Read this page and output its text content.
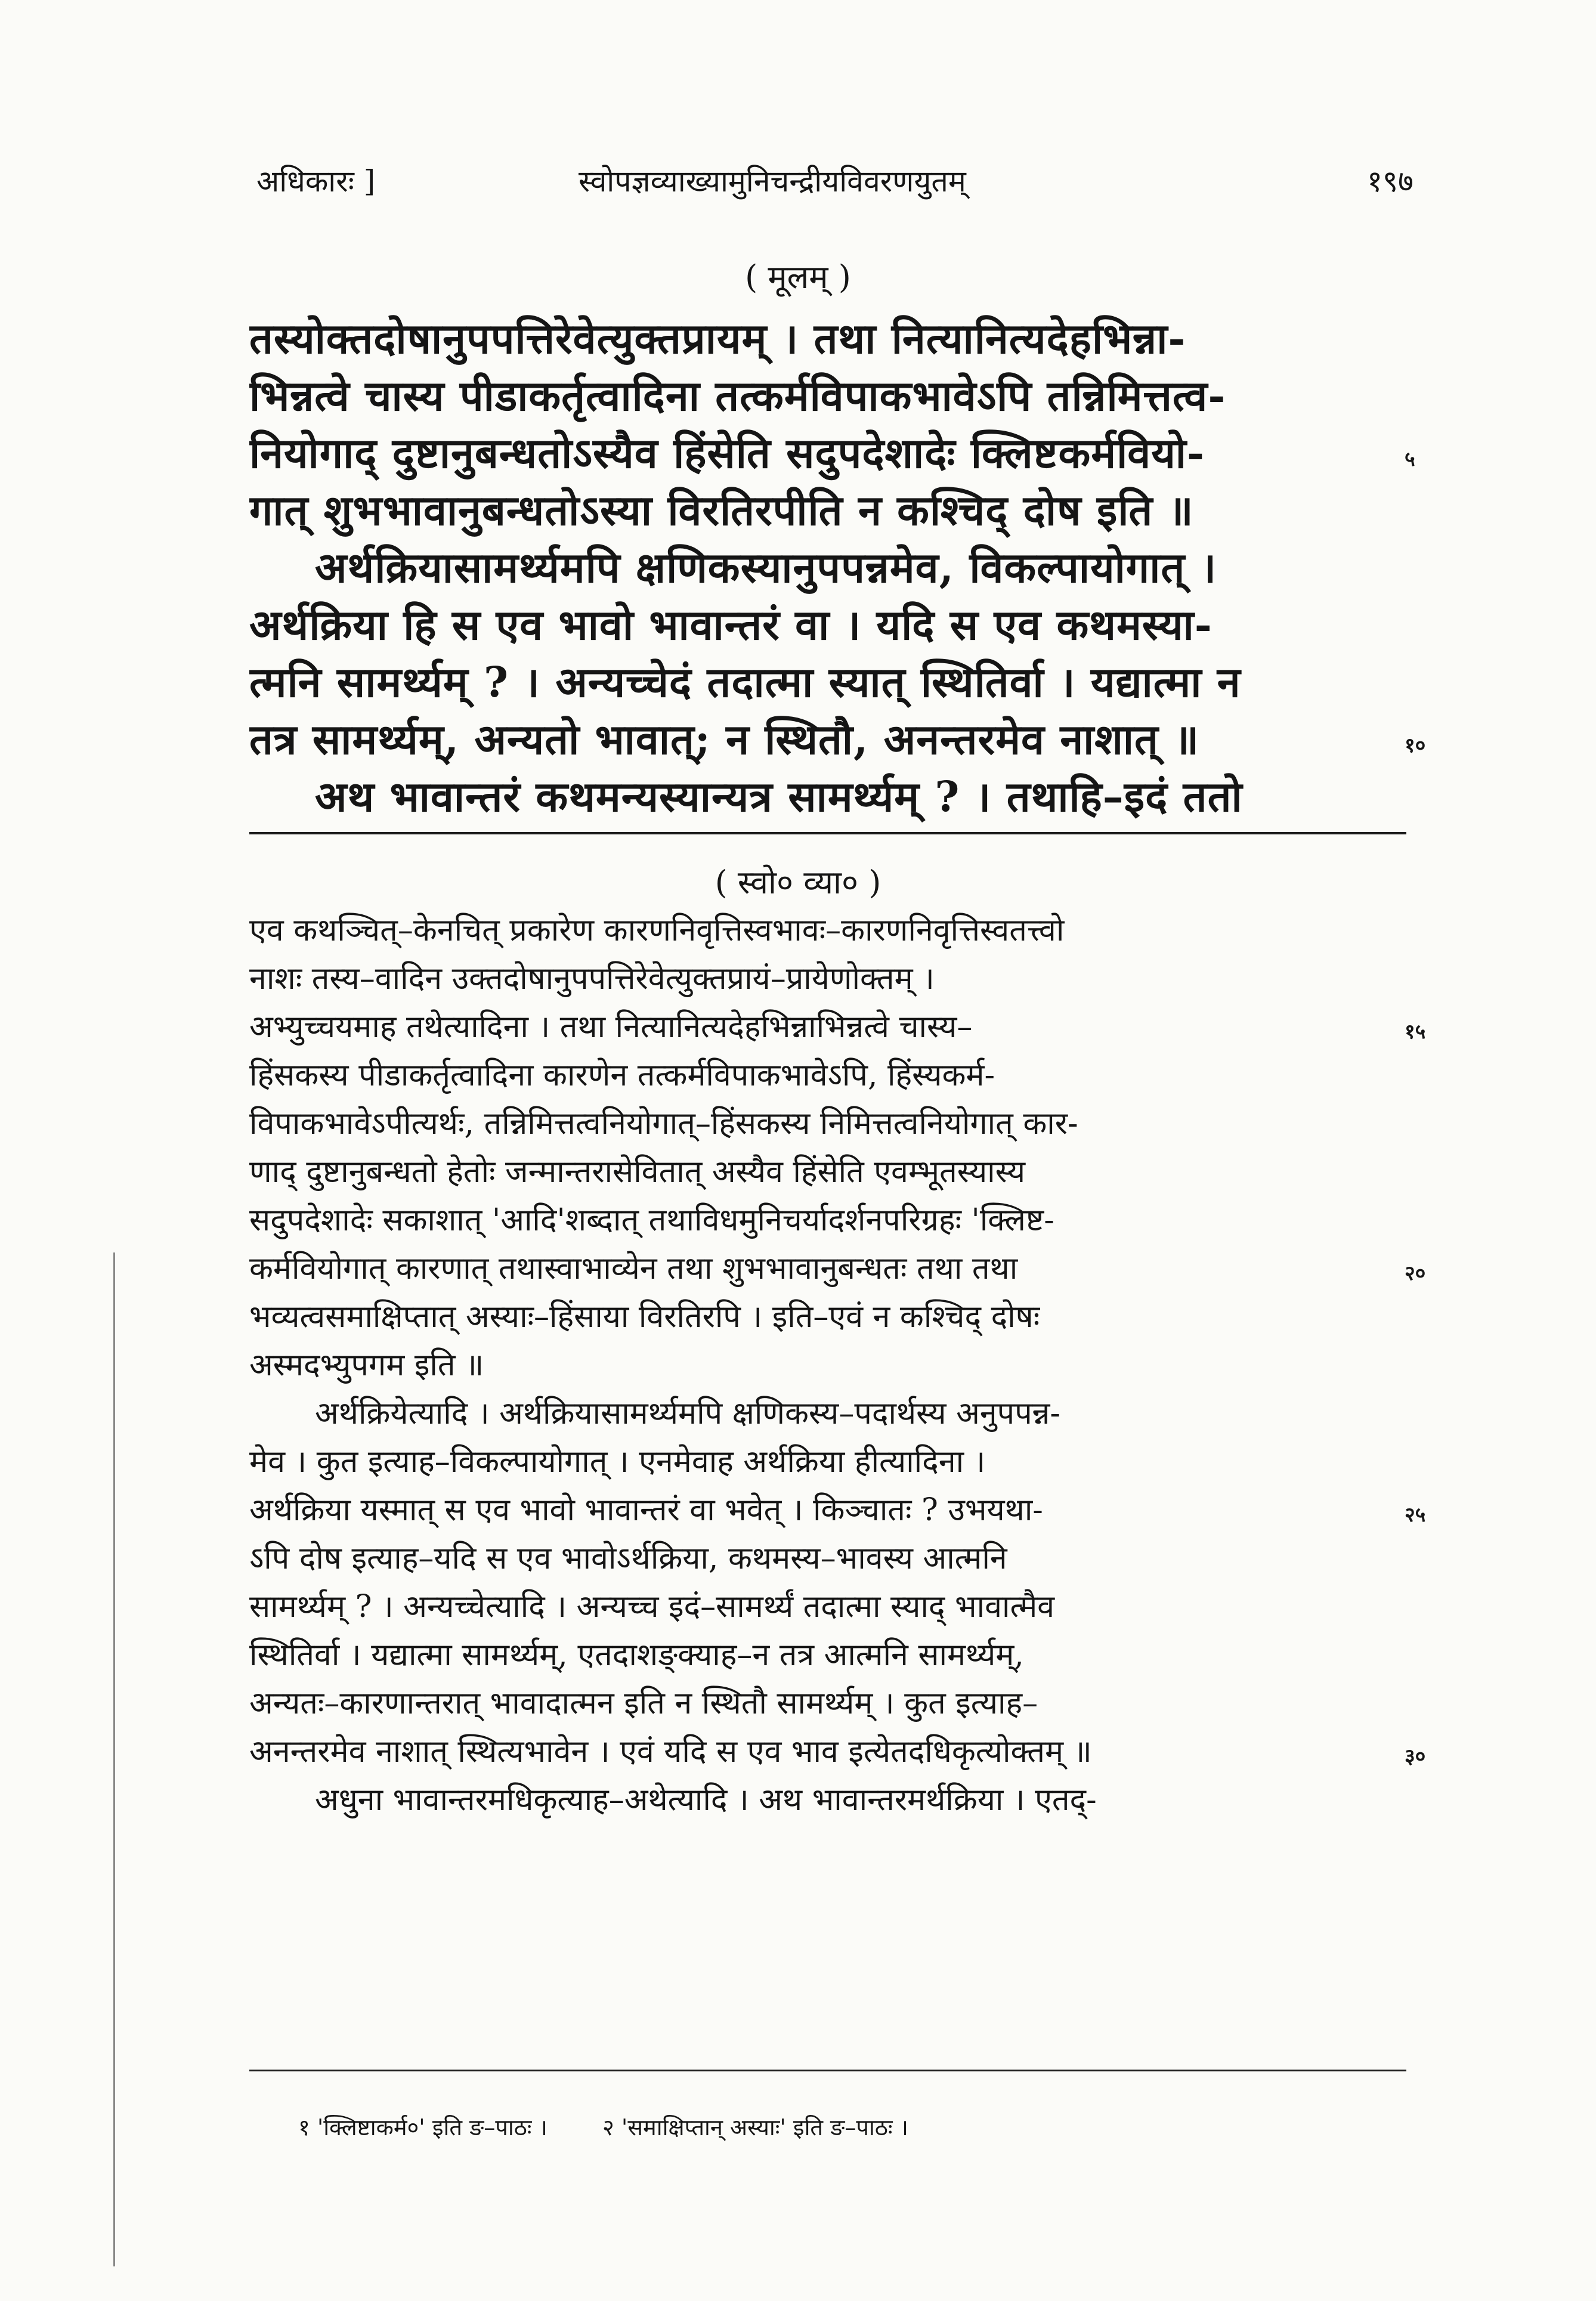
अधिकारः ]	स्वोपज्ञव्याख्यामुनिचन्द्रीयविवरणयुतम्	१९७
( मूलम् )
तस्योक्तदोषानुपपत्तिरेवेत्युक्तप्रायम् । तथा नित्यानित्यदेहभिन्ना-
भिन्नत्वे चास्य पीडाकर्तृत्वादिना तत्कर्मविपाकभावेऽपि तन्निमित्तत्व-
नियोगाद् दुष्टानुबन्धतोऽस्यैव हिंसेति सदुपदेशादेः क्लिष्टकर्मवियो-
गात् शुभभावानुबन्धतोऽस्या विरतिरपीति न कश्चिद् दोष इति ॥
अर्थक्रियासामर्थ्यमपि क्षणिकस्यानुपपन्नमेव, विकल्पायोगात् ।
अर्थक्रिया हि स एव भावो भावान्तरं वा । यदि स एव कथमस्या-
त्मनि सामर्थ्यम् ? । अन्यच्चेदं तदात्मा स्यात् स्थितिर्वा । यद्यात्मा न
तत्र सामर्थ्यम्, अन्यतो भावात्; न स्थितौ, अनन्तरमेव नाशात् ॥
अथ भावान्तरं कथमन्यस्यान्यत्र सामर्थ्यम् ? । तथाहि–इदं ततो
५
१०
( स्वो० व्या० )
एव कथञ्चित्–केनचित् प्रकारेण कारणनिवृत्तिस्वभावः–कारणनिवृत्तिस्वतत्त्वो
नाशः तस्य–वादिन उक्तदोषानुपपत्तिरेवेत्युक्तप्रायं–प्रायेणोक्तम् ।
अभ्युच्चयमाह तथेत्यादिना । तथा नित्यानित्यदेहभिन्नाभिन्नत्वे चास्य–
हिंसकस्य पीडाकर्तृत्वादिना कारणेन तत्कर्मविपाकभावेऽपि, हिंस्यकर्म-
विपाकभावेऽपीत्यर्थः, तन्निमित्तत्वनियोगात्–हिंसकस्य निमित्तत्वनियोगात् कार-
णाद् दुष्टानुबन्धतो हेतोः जन्मान्तरासेवितात् अस्यैव हिंसेति एवम्भूतस्यास्य
सदुपदेशादेः सकाशात् 'आदि'शब्दात् तथाविधमुनिचर्यादर्शनपरिग्रहः 'क्लिष्ट-
कर्मवियोगात् कारणात् तथास्वाभाव्येन तथा शुभभावानुबन्धतः तथा तथा
भव्यत्वसमाक्षिप्तात् अस्याः–हिंसाया विरतिरपि । इति–एवं न कश्चिद् दोषः
अस्मदभ्युपगम इति ॥
अर्थक्रियेत्यादि । अर्थक्रियासामर्थ्यमपि क्षणिकस्य–पदार्थस्य अनुपपन्न-
मेव । कुत इत्याह–विकल्पायोगात् । एनमेवाह अर्थक्रिया हीत्यादिना ।
अर्थक्रिया यस्मात् स एव भावो भावान्तरं वा भवेत् । किञ्चातः ? उभयथा-
ऽपि दोष इत्याह–यदि स एव भावोऽर्थक्रिया, कथमस्य–भावस्य आत्मनि
सामर्थ्यम् ? । अन्यच्चेत्यादि । अन्यच्च इदं–सामर्थ्यं तदात्मा स्याद् भावात्मैव
स्थितिर्वा । यद्यात्मा सामर्थ्यम्, एतदाशङ्क्याह–न तत्र आत्मनि सामर्थ्यम्,
अन्यतः–कारणान्तरात् भावादात्मन इति न स्थितौ सामर्थ्यम् । कुत इत्याह–
अनन्तरमेव नाशात् स्थित्यभावेन । एवं यदि स एव भाव इत्येतदधिकृत्योक्तम् ॥
अधुना भावान्तरमधिकृत्याह–अथेत्यादि । अथ भावान्तरमर्थक्रिया । एतद्-
१५
२०
२५
३०
१ 'क्लिष्टाकर्म०' इति ङ–पाठः । २ 'समाक्षिप्तान् अस्याः' इति ङ–पाठः ।
